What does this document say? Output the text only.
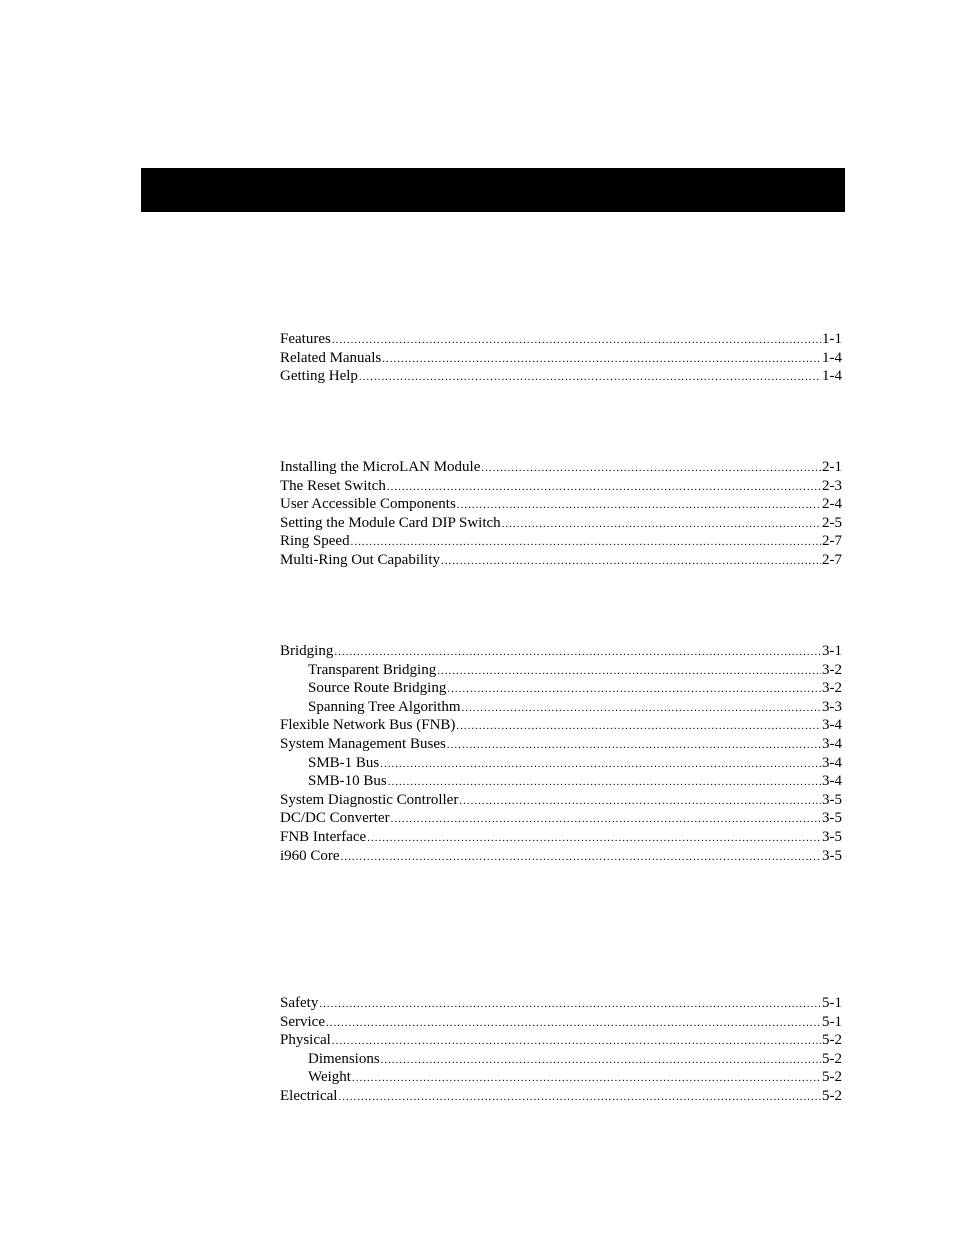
Features .....	1-1
Related Manuals .....	1-4
Getting Help .....	1-4
Installing the MicroLAN Module .....	2-1
The Reset Switch .....	2-3
User Accessible Components .....	2-4
Setting the Module Card DIP Switch .....	2-5
Ring Speed .....	2-7
Multi-Ring Out Capability .....	2-7
Bridging .....	3-1
Transparent Bridging .....	3-2
Source Route Bridging .....	3-2
Spanning Tree Algorithm .....	3-3
Flexible Network Bus (FNB) .....	3-4
System Management Buses .....	3-4
SMB-1 Bus .....	3-4
SMB-10 Bus .....	3-4
System Diagnostic Controller .....	3-5
DC/DC Converter .....	3-5
FNB Interface .....	3-5
i960 Core .....	3-5
Safety .....	5-1
Service .....	5-1
Physical .....	5-2
Dimensions .....	5-2
Weight .....	5-2
Electrical .....	5-2
